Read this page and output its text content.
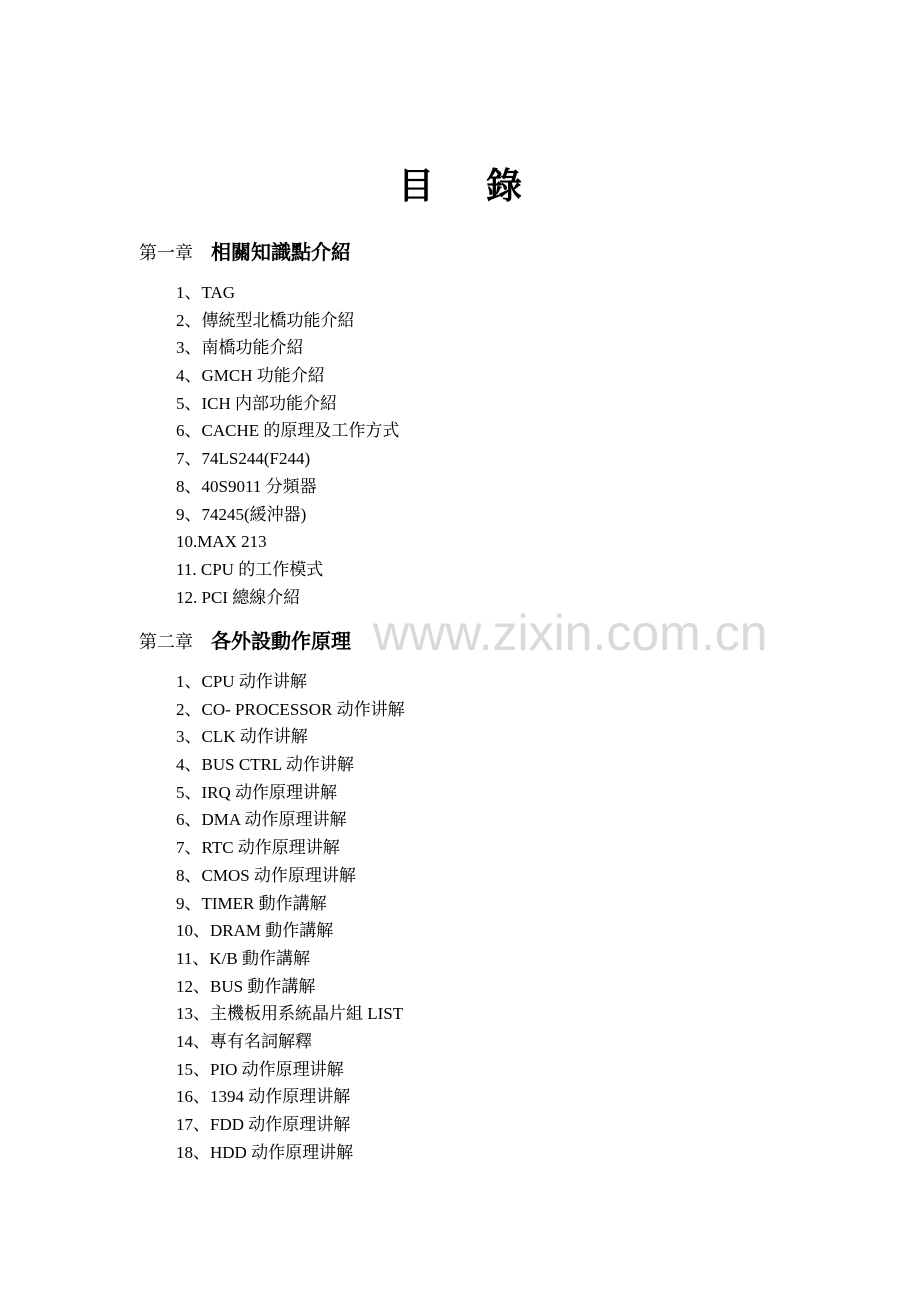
目 錄
第一章 相關知識點介紹
1、TAG
2、傳統型北橋功能介紹
3、南橋功能介紹
4、GMCH 功能介紹
5、ICH 内部功能介紹
6、CACHE 的原理及工作方式
7、74LS244(F244)
8、40S9011 分頻器
9、74245(緩沖器)
10.MAX 213
11. CPU 的工作模式
12. PCI 總線介紹
第二章 各外設動作原理
1、CPU 动作讲解
2、CO- PROCESSOR 动作讲解
3、CLK 动作讲解
4、BUS CTRL 动作讲解
5、IRQ 动作原理讲解
6、DMA 动作原理讲解
7、RTC 动作原理讲解
8、CMOS 动作原理讲解
9、TIMER 動作講解
10、DRAM 動作講解
11、K/B 動作講解
12、BUS 動作講解
13、主機板用系統晶片組 LIST
14、專有名詞解釋
15、PIO 动作原理讲解
16、1394 动作原理讲解
17、FDD 动作原理讲解
18、HDD 动作原理讲解
www.zixin.com.cn
